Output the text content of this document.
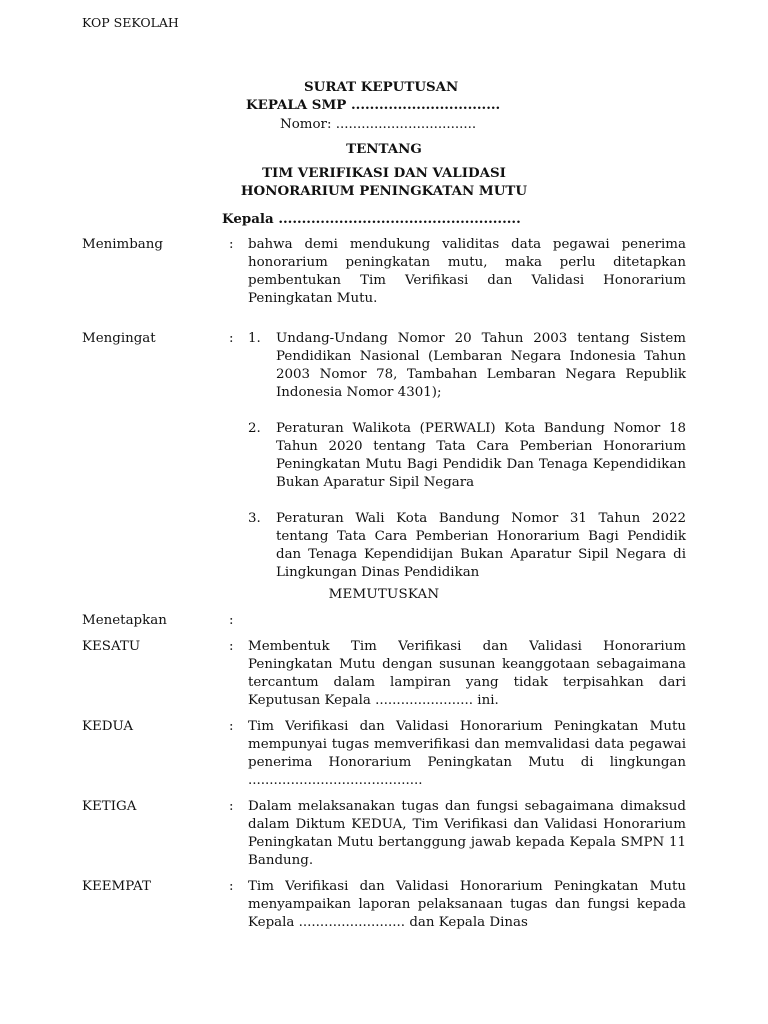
KOP SEKOLAH
SURAT KEPUTUSAN
KEPALA SMP ................................
Nomor: .................................
TENTANG
TIM VERIFIKASI DAN VALIDASI
HONORARIUM PENINGKATAN MUTU
Kepala ....................................................
Menimbang	: bahwa demi mendukung validitas data pegawai penerima honorarium peningkatan mutu, maka perlu ditetapkan pembentukan Tim Verifikasi dan Validasi Honorarium Peningkatan Mutu.
Mengingat	: 1. Undang-Undang Nomor 20 Tahun 2003 tentang Sistem Pendidikan Nasional (Lembaran Negara Indonesia Tahun 2003 Nomor 78, Tambahan Lembaran Negara Republik Indonesia Nomor 4301);
2. Peraturan Walikota (PERWALI) Kota Bandung Nomor 18 Tahun 2020 tentang Tata Cara Pemberian Honorarium Peningkatan Mutu Bagi Pendidik Dan Tenaga Kependidikan Bukan Aparatur Sipil Negara
3. Peraturan Wali Kota Bandung Nomor 31 Tahun 2022 tentang Tata Cara Pemberian Honorarium Bagi Pendidik dan Tenaga Kependidijan Bukan Aparatur Sipil Negara di Lingkungan Dinas Pendidikan
MEMUTUSKAN
Menetapkan	:
KESATU	: Membentuk Tim Verifikasi dan Validasi Honorarium Peningkatan Mutu dengan susunan keanggotaan sebagaimana tercantum dalam lampiran yang tidak terpisahkan dari Keputusan Kepala ....................... ini.
KEDUA	: Tim Verifikasi dan Validasi Honorarium Peningkatan Mutu mempunyai tugas memverifikasi dan memvalidasi data pegawai penerima Honorarium Peningkatan Mutu di lingkungan .........................................
KETIGA	: Dalam melaksanakan tugas dan fungsi sebagaimana dimaksud dalam Diktum KEDUA, Tim Verifikasi dan Validasi Honorarium Peningkatan Mutu bertanggung jawab kepada Kepala SMPN 11 Bandung.
KEEMPAT	: Tim Verifikasi dan Validasi Honorarium Peningkatan Mutu menyampaikan laporan pelaksanaan tugas dan fungsi kepada Kepala ......................... dan Kepala Dinas
